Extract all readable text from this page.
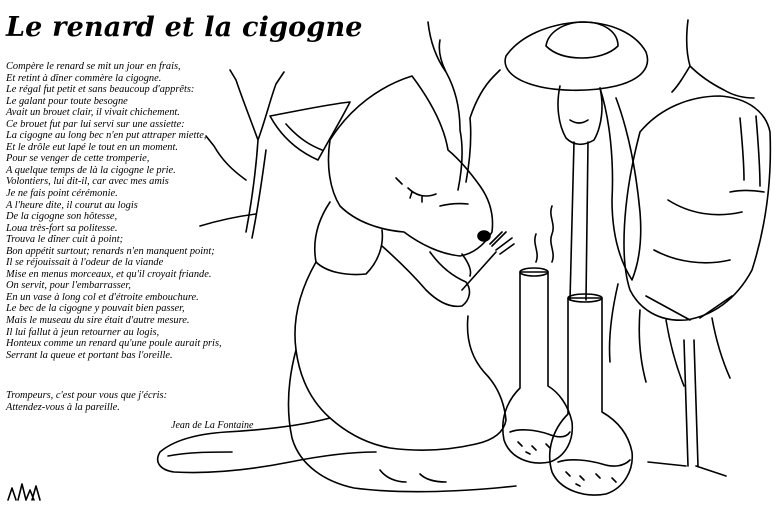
Le renard et la cigogne
Compère le renard se mit un jour en frais,
Et retint à dîner commère la cigogne.
Le régal fut petit et sans beaucoup d'apprêts:
Le galant pour toute besogne
Avait un brouet clair, il vivait chichement.
Ce brouet fut par lui servi sur une assiette:
La cigogne au long bec n'en put attraper miette,
Et le drôle eut lapé le tout en un moment.
Pour se venger de cette tromperie,
A quelque temps de là la cigogne le prie.
Volontiers, lui dit-il, car avec mes amis
Je ne fais point cérémonie.
A l'heure dite, il courut au logis
De la cigogne son hôtesse,
Loua très-fort sa politesse.
Trouva le dîner cuit à point;
Bon appétit surtout; renards n'en manquent point;
Il se réjouissait à l'odeur de la viande
Mise en menus morceaux, et qu'il croyait friande.
On servit, pour l'embarrasser,
En un vase à long col et d'étroite embouchure.
Le bec de la cigogne y pouvait bien passer,
Mais le museau du sire était d'autre mesure.
Il lui fallut à jeun retourner au logis,
Honteux comme un renard qu'une poule aurait pris,
Serrant la queue et portant bas l'oreille.
Trompeurs, c'est pour vous que j'écris:
Attendez-vous à la pareille.
Jean de La Fontaine
